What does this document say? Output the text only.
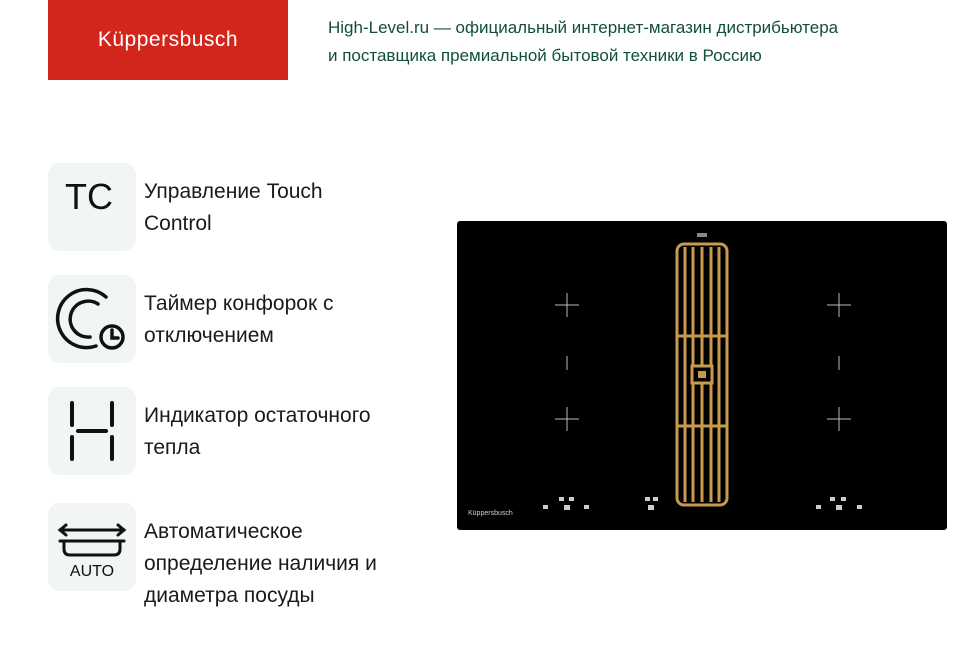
Küppersbusch
High-Level.ru — официальный интернет-магазин дистрибьютера
и поставщика премиальной бытовой техники в Россию
TC Управление Touch
Control
Таймер конфорок с
отключением
Индикатор остаточного
тепла
AUTO
Автоматическое
определение наличия и
диаметра посуды
Küppersbusch
